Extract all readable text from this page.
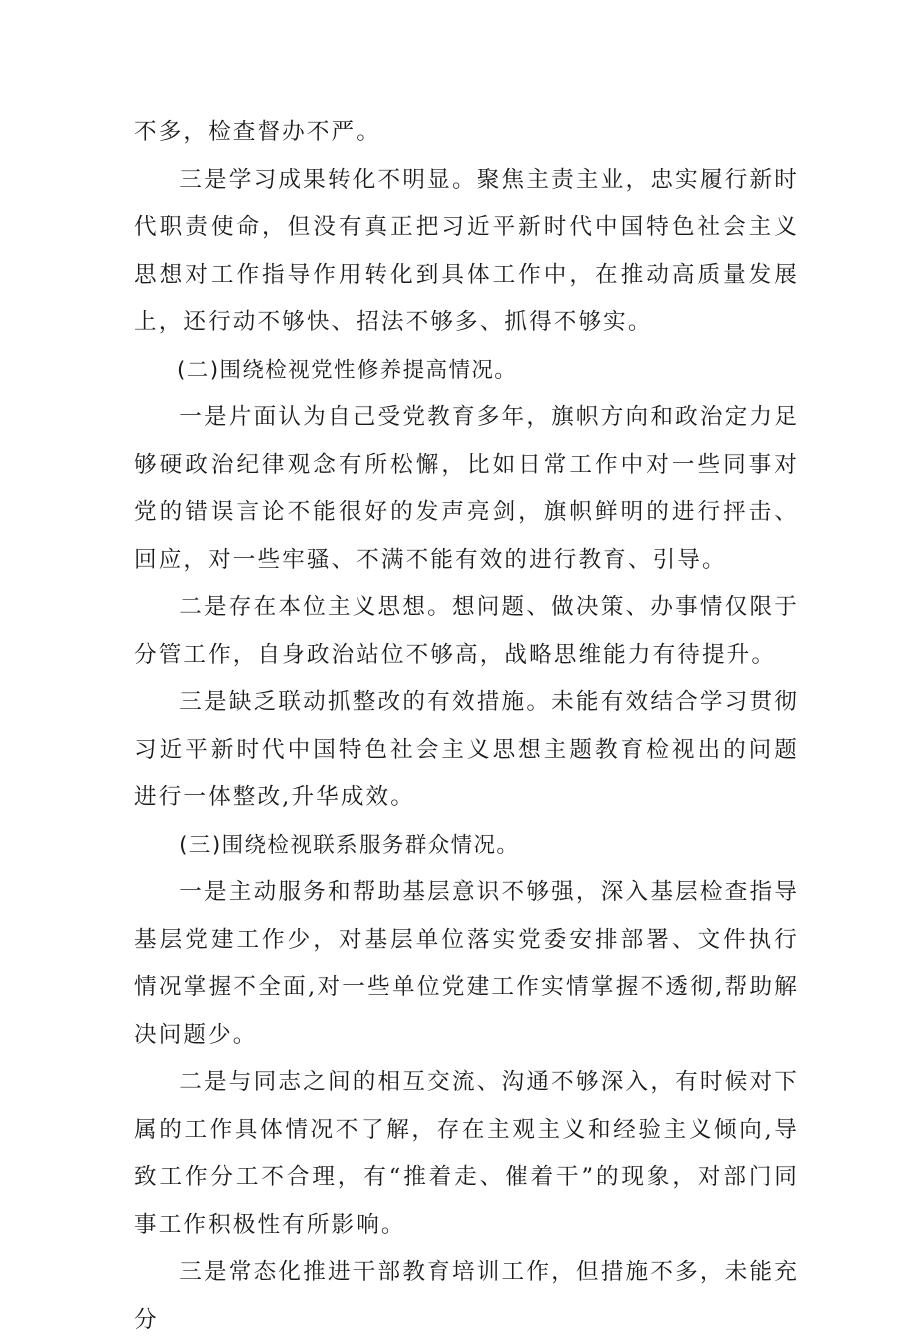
不多，检查督办不严。

三是学习成果转化不明显。聚焦主责主业，忠实履行新时代职责使命，但没有真正把习近平新时代中国特色社会主义思想对工作指导作用转化到具体工作中，在推动高质量发展上，还行动不够快、招法不够多、抓得不够实。

(二)围绕检视党性修养提高情况。

一是片面认为自己受党教育多年，旗帜方向和政治定力足够硬政治纪律观念有所松懈，比如日常工作中对一些同事对党的错误言论不能很好的发声亮剑，旗帜鲜明的进行抨击、回应，对一些牢骚、不满不能有效的进行教育、引导。

二是存在本位主义思想。想问题、做决策、办事情仅限于分管工作，自身政治站位不够高，战略思维能力有待提升。

三是缺乏联动抓整改的有效措施。未能有效结合学习贯彻习近平新时代中国特色社会主义思想主题教育检视出的问题进行一体整改,升华成效。

(三)围绕检视联系服务群众情况。

一是主动服务和帮助基层意识不够强，深入基层检查指导基层党建工作少，对基层单位落实党委安排部署、文件执行情况掌握不全面,对一些单位党建工作实情掌握不透彻,帮助解决问题少。

二是与同志之间的相互交流、沟通不够深入，有时候对下属的工作具体情况不了解，存在主观主义和经验主义倾向,导致工作分工不合理，有“推着走、催着干”的现象，对部门同事工作积极性有所影响。

三是常态化推进干部教育培训工作，但措施不多，未能充分
